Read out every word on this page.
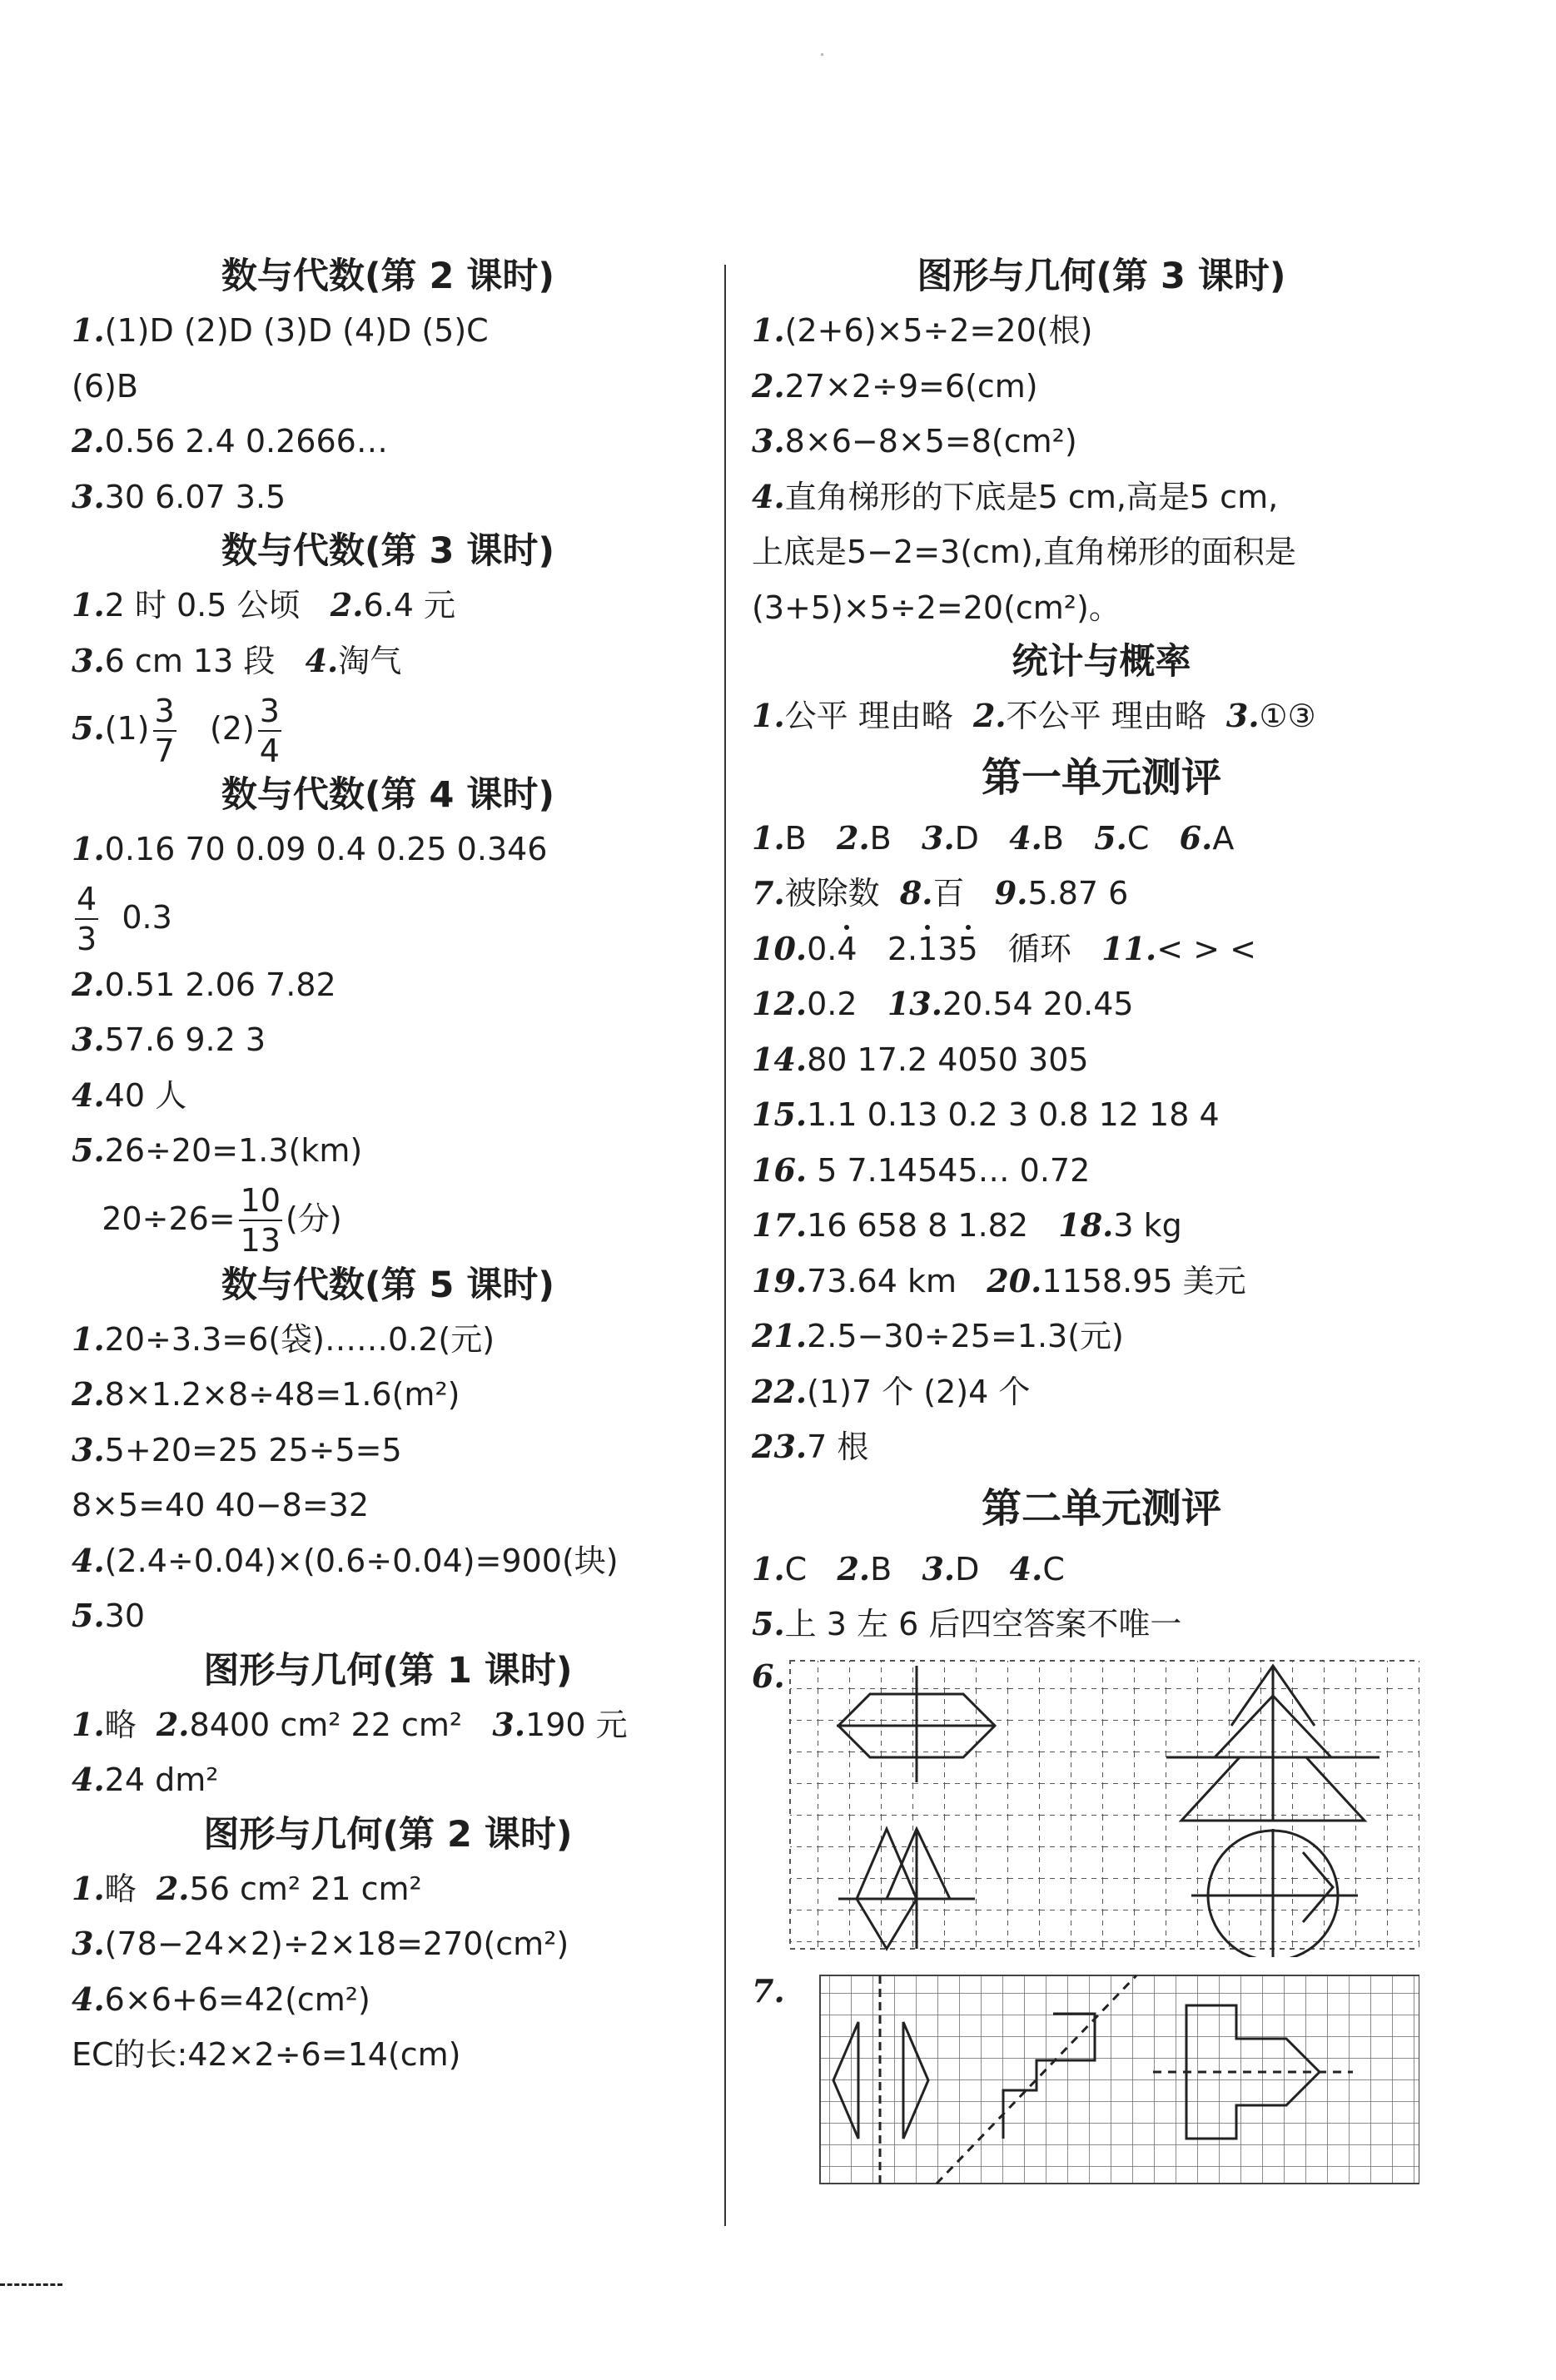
数与代数(第 2 课时)
1.(1)D (2)D (3)D (4)D (5)C
(6)B
2.0.56 2.4 0.2666…
3.30 6.07 3.5
数与代数(第 3 课时)
1.2 时 0.5 公顷 2.6.4 元
3.6 cm 13 段 4.淘气
$5.(1) \frac{3}{7} (2) \frac{3}{4}$
数与代数(第 4 课时)
1.0.16 70 0.09 0.4 0.25 0.346
$\frac{4}{3} 0.3$
2.0.51 2.06 7.82
3.57.6 9.2 3
4.40 人
5.26÷20=1.3(km)
$20\div 26= \frac{10}{13}$ (分)
数与代数(第 5 课时)
1.20÷3.3=6(袋)……0.2(元)
2.8×1.2×8÷48=1.6(m²)
3.5+20=25 25÷5=5
8×5=40 40−8=32
4.(2.4÷0.04)×(0.6÷0.04)=900(块)
5.30
图形与几何(第 1 课时)
1.略 2.8400 cm² 22 cm² 3.190 元
4.24 dm²
图形与几何(第 2 课时)
1.略 2.56 cm² 21 cm²
3.(78−24×2)÷2×18=270(cm²)
4.6×6+6=42(cm²)
EC的长:42×2÷6=14(cm)
图形与几何(第 3 课时)
1.(2+6)×5÷2=20(根)
2.27×2÷9=6(cm)
3.8×6−8×5=8(cm²)
4.直角梯形的下底是5 cm,高是5 cm,
上底是5−2=3(cm),直角梯形的面积是
(3+5)×5÷2=20(cm²)。
统计与概率
1.公平 理由略 2.不公平 理由略 3.①③
第一单元测评
1.B 2.B 3.D 4.B 5.C 6.A
7.被除数 8.百 9.5.87 6
10.0.4 2.135 循环 11.< > <
12.0.2 13.20.54 20.45
14.80 17.2 4050 305
15.1.1 0.13 0.2 3 0.8 12 18 4
16. 5 7.14545… 0.72
17.16 658 8 1.82 18.3 kg
19.73.64 km 20.1158.95 美元
21.2.5−30÷25=1.3(元)
22.(1)7 个 (2)4 个
23.7 根
第二单元测评
1.C 2.B 3.D 4.C
5.上 3 左 6 后四空答案不唯一
6.
7.
